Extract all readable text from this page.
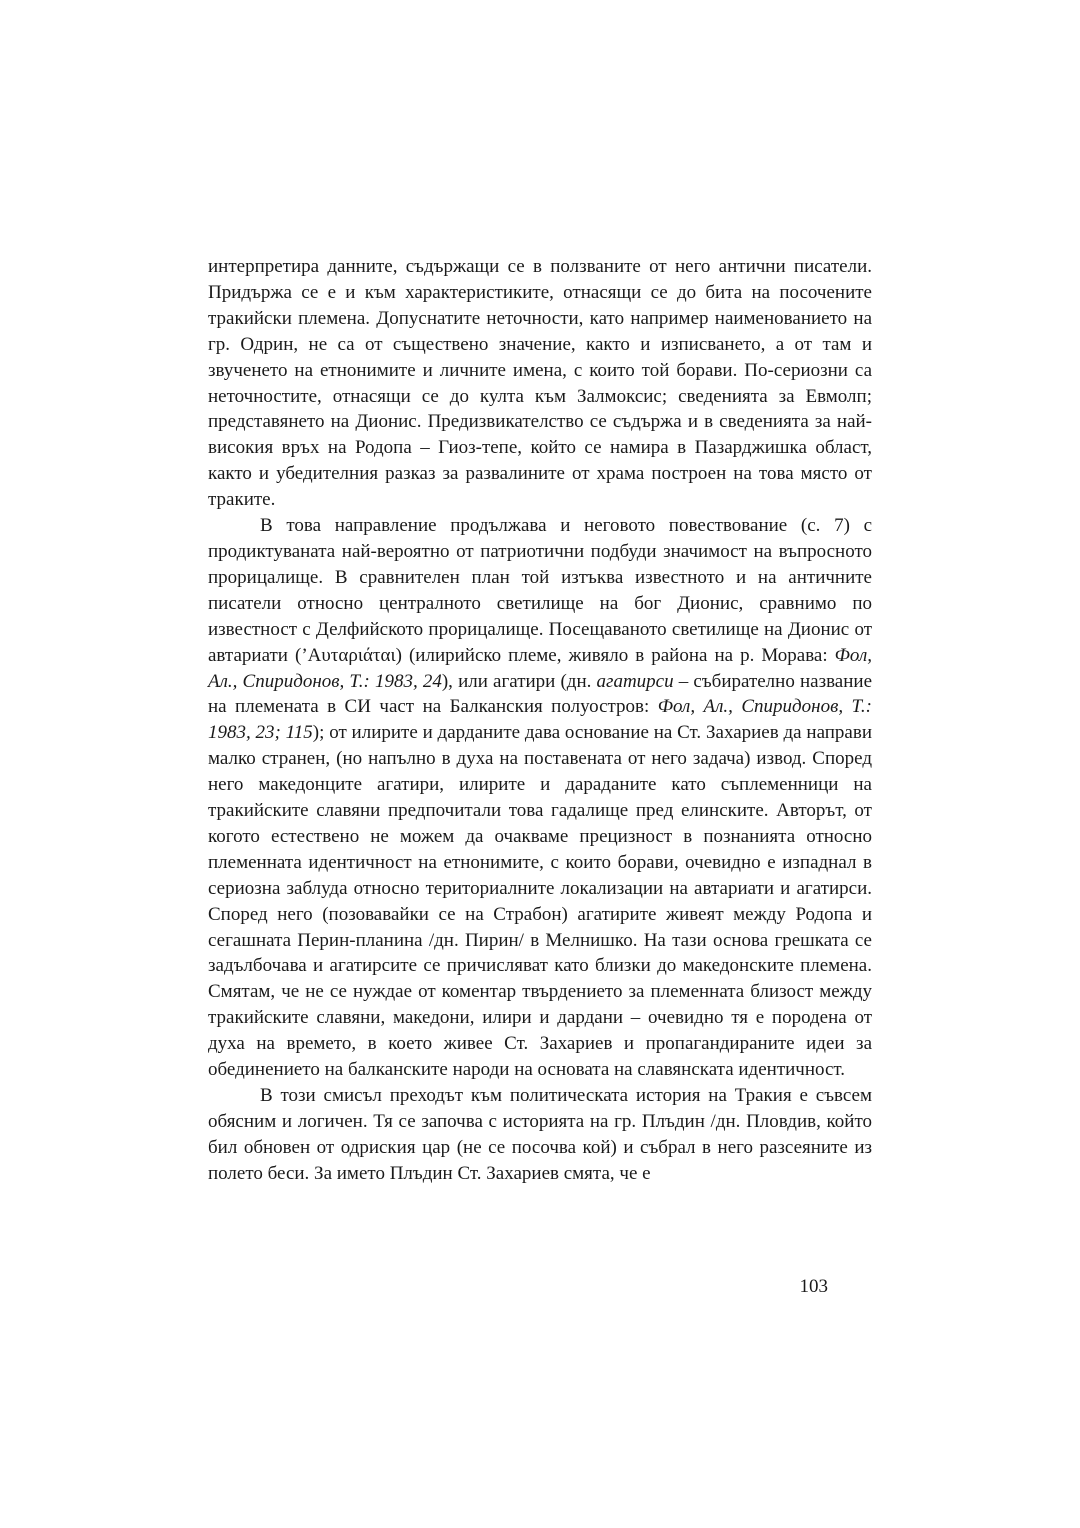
интерпретира данните, съдържащи се в ползваните от него антични писатели. Придържа се е и към характеристиките, отнасящи се до бита на посочените тракийски племена. Допуснатите неточности, като например наименованието на гр. Одрин, не са от съществено значение, както и изписването, а от там и звученето на етнонимите и личните имена, с които той борави. По-сериозни са неточностите, отнасящи се до култа към Залмоксис; сведенията за Евмолп; представянето на Дионис. Предизвикателство се съдържа и в сведенията за най-високия връх на Родопа – Гиоз-тепе, който се намира в Пазарджишка област, както и убедителния разказ за развалините от храма построен на това място от траките.

В това направление продължава и неговото повествование (с. 7) с продиктуваната най-вероятно от патриотични подбуди значимост на въпросното прорицалище. В сравнителен план той изтъква известното и на античните писатели относно централното светилище на бог Дионис, сравнимо по известност с Делфийското прорицалище. Посещаваното светилище на Дионис от автариати (’Αυταριάται) (илирийско племе, живяло в района на р. Морава: Фол, Ал., Спиридонов, Т.: 1983, 24), или агатири (дн. агатирси – събирателно название на племената в СИ част на Балканския полуостров: Фол, Ал., Спиридонов, Т.: 1983, 23; 115); от илирите и дарданите дава основание на Ст. Захариев да направи малко странен, (но напълно в духа на поставената от него задача) извод. Според него македонците агатири, илирите и дараданите като съплеменници на тракийските славяни предпочитали това гадалище пред елинските. Авторът, от когото естествено не можем да очакваме прецизност в познанията относно племенната идентичност на етнонимите, с които борави, очевидно е изпаднал в сериозна заблуда относно териториалните локализации на автариати и агатирси. Според него (позовавайки се на Страбон) агатирите живеят между Родопа и сегашната Перин-планина /дн. Пирин/ в Мелнишко. На тази основа грешката се задълбочава и агатирсите се причисляват като близки до македонските племена. Смятам, че не се нуждае от коментар твърдението за племенната близост между тракийските славяни, македони, илири и дардани – очевидно тя е породена от духа на времето, в което живее Ст. Захариев и пропагандираните идеи за обединението на балканските народи на основата на славянската идентичност.

В този смисъл преходът към политическата история на Тракия е съвсем обясним и логичен. Тя се започва с историята на гр. Плъдин /дн. Пловдив, който бил обновен от одриския цар (не се посочва кой) и събрал в него разсеяните из полето беси. За името Плъдин Ст. Захариев смята, че е

103
